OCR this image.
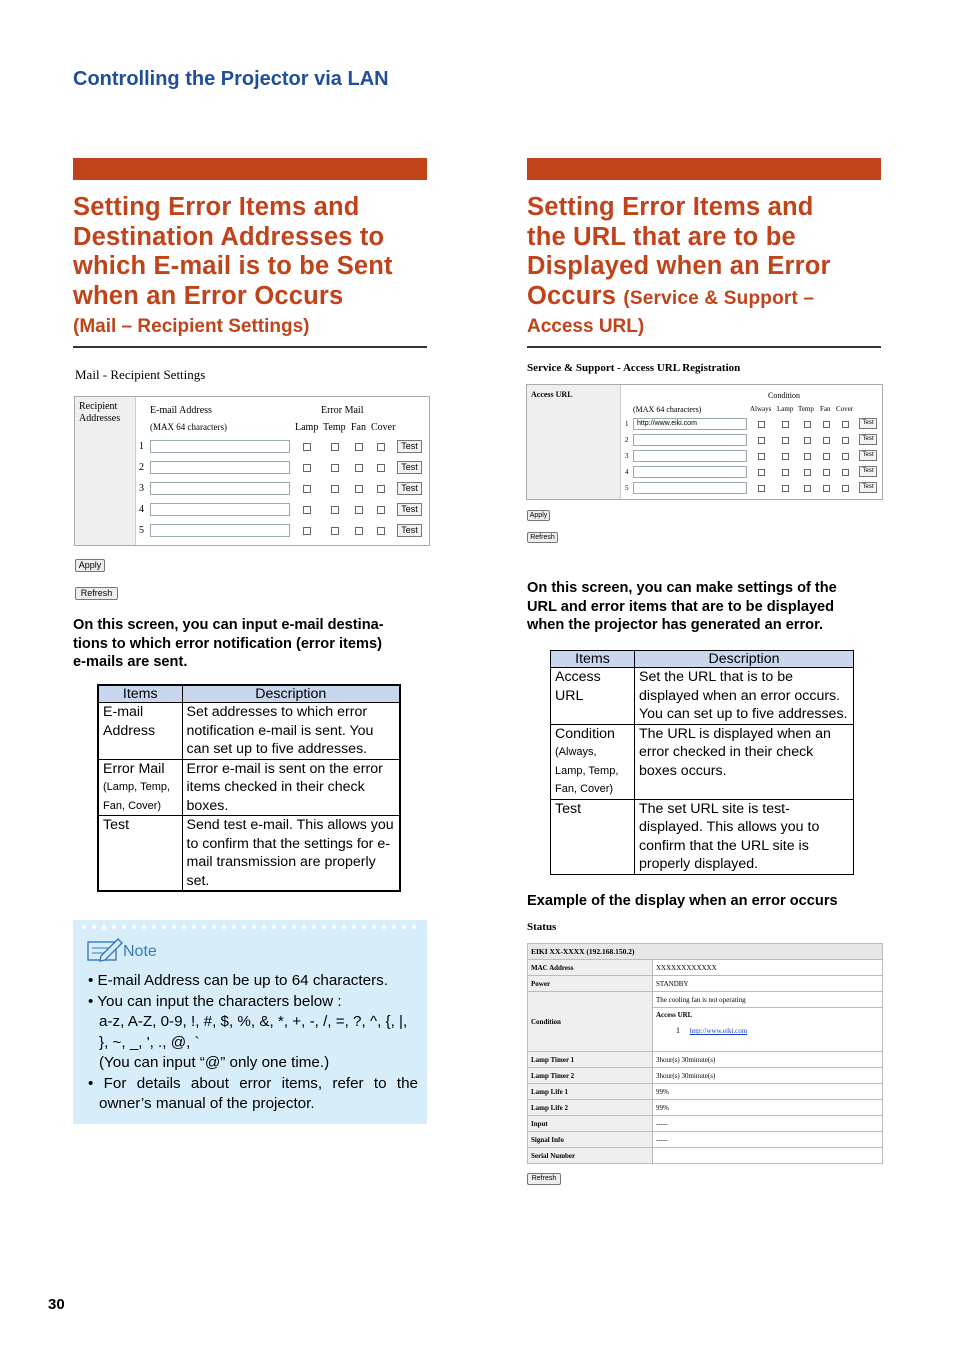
Controlling the Projector via LAN
Setting Error Items and
Destination Addresses to
which E-mail is to be Sent
when an Error Occurs
(Mail – Recipient Settings)
Mail - Recipient Settings
Recipient Addresses
E-mail Address
(MAX 64 characters)
Error Mail
Lamp Temp Fan Cover
1	Test
2	Test
3	Test
4	Test
5	Test
Apply
Refresh
On this screen, you can input e-mail destina-
tions to which error notification (error items)
e-mails are sent.
Items	Description
E-mail Address	Set addresses to which error notification e-mail is sent. You can set up to five addresses.

Error Mail
(Lamp, Temp, Fan, Cover)	Error e-mail is sent on the error items checked in their check boxes.
Test	Send test e-mail. This allows you to confirm that the settings for e-mail transmission are properly set.
Note
• E-mail Address can be up to 64 characters.
• You can input the characters below :
a-z, A-Z, 0-9, !, #, $, %, &, *, +, -, /, =, ?, ^, {, |, }, ~, _, ', ., @, `
(You can input “@” only one time.)
• For details about error items, refer to the owner’s manual of the projector.
Setting Error Items and
the URL that are to be
Displayed when an Error
Occurs (Service & Support –
Access URL)
Service & Support - Access URL Registration
Access URL	Condition
(MAX 64 characters)	Always Lamp Temp Fan Cover
1	http://www.eiki.com	Test
2	Test
3	Test
4	Test
5	Test
Apply
Refresh
On this screen, you can make settings of the
URL and error items that are to be displayed
when the projector has generated an error.
Items	Description
Access URL	Set the URL that is to be displayed when an error occurs. You can set up to five addresses.

Condition
(Always, Lamp, Temp, Fan, Cover)	The URL is displayed when an error checked in their check boxes occurs.
Test	The set URL site is test-displayed. This allows you to confirm that the URL site is properly displayed.
Example of the display when an error occurs
Status
EIKI XX-XXXX (192.168.150.2)	
MAC Address	XXXXXXXXXXXX
Power	STANDBY
Condition	The cooling fan is not operating

	Access URL
1 http://www.eiki.com

Lamp Timer 1	3hour(s) 30minute(s)
Lamp Timer 2	3hour(s) 30minute(s)
Lamp Life 1	99%
Lamp Life 2	99%
Input	-----
Signal Info	-----
Serial Number	
Refresh
30
